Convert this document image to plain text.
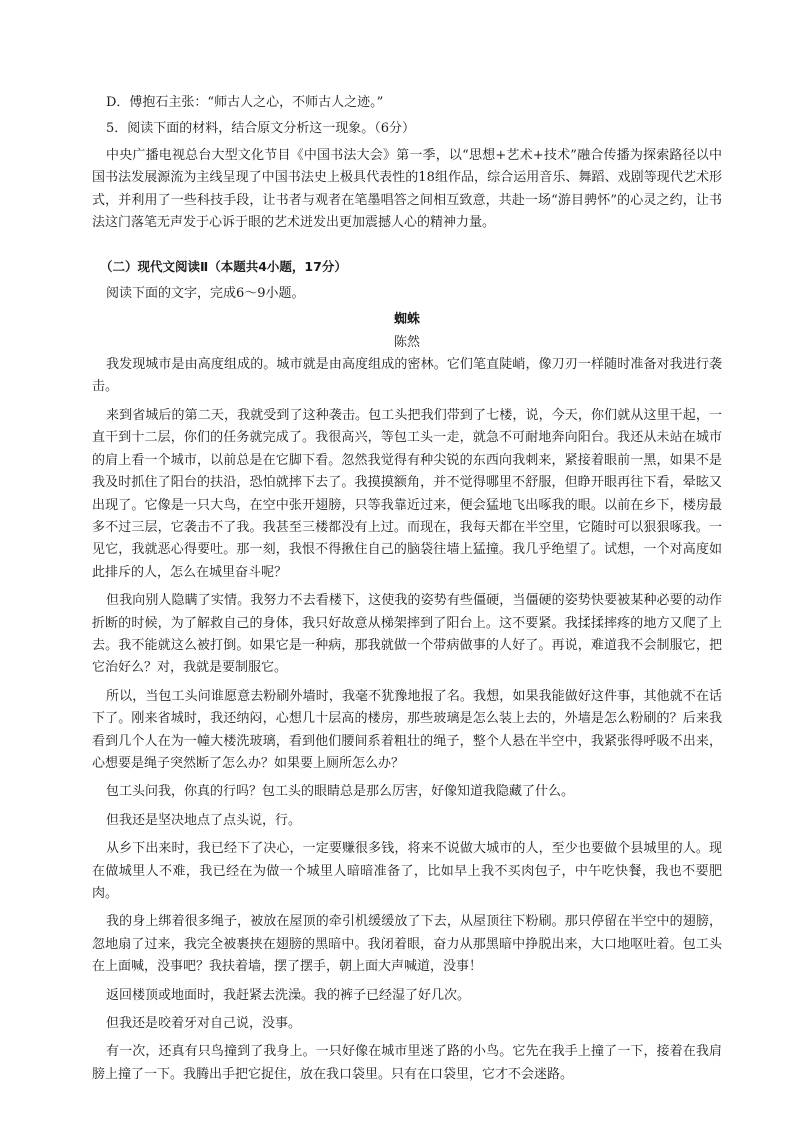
D．傅抱石主张：“师古人之心，不师古人之迹。”

5．阅读下面的材料，结合原文分析这一现象。（6分）

中央广播电视总台大型文化节目《中国书法大会》第一季，以“思想+艺术+技术”融合传播为探索路径以中国书法发展源流为主线呈现了中国书法史上极具代表性的18组作品，综合运用音乐、舞蹈、戏剧等现代艺术形式，并利用了一些科技手段，让书者与观者在笔墨唱答之间相互致意，共赴一场“游目骋怀”的心灵之约，让书法这门落笔无声发于心诉于眼的艺术迸发出更加震撼人心的精神力量。

（二）现代文阅读Ⅱ（本题共4小题，17分）

阅读下面的文字，完成6～9小题。

蜘蛛

陈然

我发现城市是由高度组成的。城市就是由高度组成的密林。它们笔直陡峭，像刀刃一样随时准备对我进行袭击。

来到省城后的第二天，我就受到了这种袭击。包工头把我们带到了七楼，说，今天，你们就从这里干起，一直干到十二层，你们的任务就完成了。我很高兴，等包工头一走，就急不可耐地奔向阳台。我还从未站在城市的肩上看一个城市，以前总是在它脚下看。忽然我觉得有种尖锐的东西向我刺来，紧接着眼前一黑，如果不是我及时抓住了阳台的扶沿，恐怕就摔下去了。我摸摸额角，并不觉得哪里不舒服，但睁开眼再往下看，晕眩又出现了。它像是一只大鸟，在空中张开翅膀，只等我靠近过来，便会猛地飞出啄我的眼。以前在乡下，楼房最多不过三层，它袭击不了我。我甚至三楼都没有上过。而现在，我每天都在半空里，它随时可以狠狠啄我。一见它，我就恶心得要吐。那一刻，我恨不得揪住自己的脑袋往墙上猛撞。我几乎绝望了。试想，一个对高度如此排斥的人，怎么在城里奋斗呢？

但我向别人隐瞒了实情。我努力不去看楼下，这使我的姿势有些僵硬，当僵硬的姿势快要被某种必要的动作折断的时候，为了解救自己的身体，我只好故意从梯架摔到了阳台上。这不要紧。我揉揉摔疼的地方又爬了上去。我不能就这么被打倒。如果它是一种病，那我就做一个带病做事的人好了。再说，难道我不会制服它，把它治好么？对，我就是要制服它。

所以，当包工头问谁愿意去粉刷外墙时，我毫不犹豫地报了名。我想，如果我能做好这件事，其他就不在话下了。刚来省城时，我还纳闷，心想几十层高的楼房，那些玻璃是怎么装上去的，外墙是怎么粉刷的？后来我看到几个人在为一幢大楼洗玻璃，看到他们腰间系着粗壮的绳子，整个人悬在半空中，我紧张得呼吸不出来，心想要是绳子突然断了怎么办？如果要上厕所怎么办？

包工头问我，你真的行吗？包工头的眼睛总是那么厉害，好像知道我隐藏了什么。

但我还是坚决地点了点头说，行。

从乡下出来时，我已经下了决心，一定要赚很多钱，将来不说做大城市的人，至少也要做个县城里的人。现在做城里人不难，我已经在为做一个城里人暗暗准备了，比如早上我不买肉包子，中午吃快餐，我也不要肥肉。

我的身上绑着很多绳子，被放在屋顶的牵引机缓缓放了下去，从屋顶往下粉刷。那只停留在半空中的翅膀，忽地扇了过来，我完全被裹挟在翅膀的黑暗中。我闭着眼，奋力从那黑暗中挣脱出来，大口地呕吐着。包工头在上面喊，没事吧？我扶着墙，摆了摆手，朝上面大声喊道，没事！

返回楼顶或地面时，我赶紧去洗澡。我的裤子已经湿了好几次。

但我还是咬着牙对自己说，没事。

有一次，还真有只鸟撞到了我身上。一只好像在城市里迷了路的小鸟。它先在我手上撞了一下，接着在我肩膀上撞了一下。我腾出手把它捉住，放在我口袋里。只有在口袋里，它才不会迷路。
